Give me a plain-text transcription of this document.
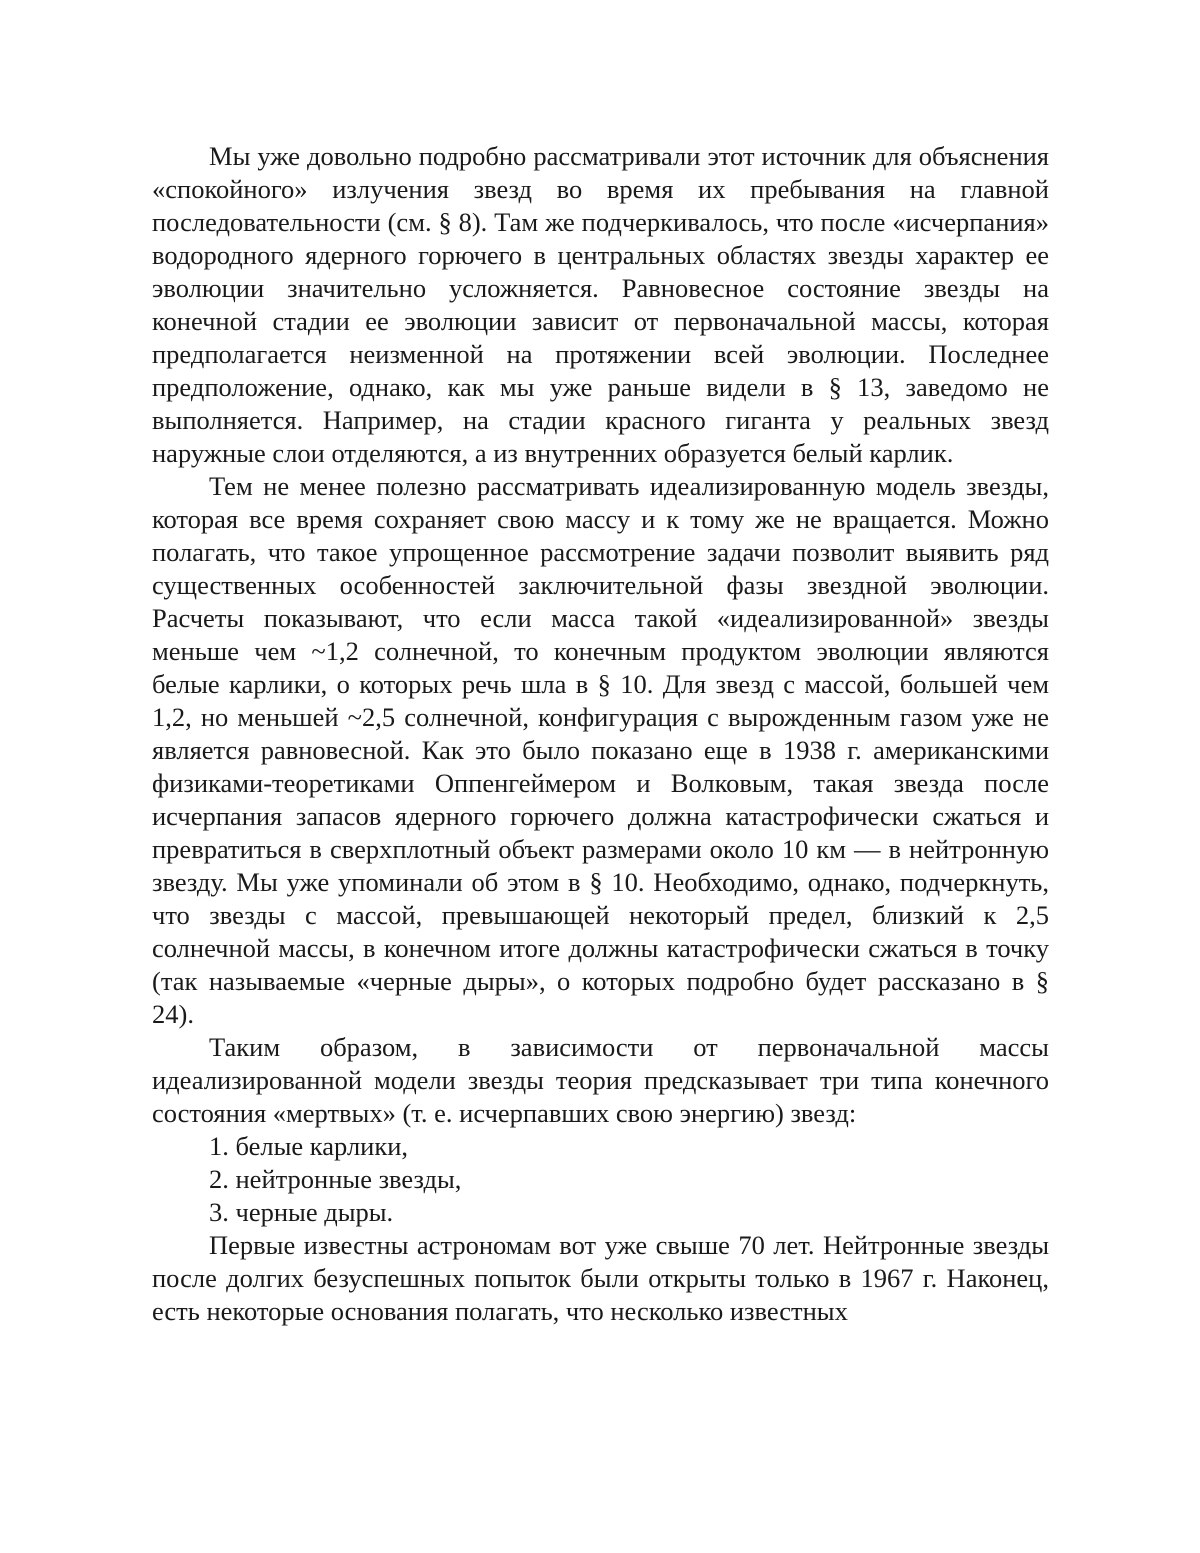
Мы уже довольно подробно рассматривали этот источник для объяснения «спокойного» излучения звезд во время их пребывания на главной последовательности (см. § 8). Там же подчеркивалось, что после «исчерпания» водородного ядерного горючего в центральных областях звезды характер ее эволюции значительно усложняется. Равновесное состояние звезды на конечной стадии ее эволюции зависит от первоначальной массы, которая предполагается неизменной на протяжении всей эволюции. Последнее предположение, однако, как мы уже раньше видели в § 13, заведомо не выполняется. Например, на стадии красного гиганта у реальных звезд наружные слои отделяются, а из внутренних образуется белый карлик.

Тем не менее полезно рассматривать идеализированную модель звезды, которая все время сохраняет свою массу и к тому же не вращается. Можно полагать, что такое упрощенное рассмотрение задачи позволит выявить ряд существенных особенностей заключительной фазы звездной эволюции. Расчеты показывают, что если масса такой «идеализированной» звезды меньше чем ~1,2 солнечной, то конечным продуктом эволюции являются белые карлики, о которых речь шла в § 10. Для звезд с массой, большей чем 1,2, но меньшей ~2,5 солнечной, конфигурация с вырожденным газом уже не является равновесной. Как это было показано еще в 1938 г. американскими физиками-теоретиками Оппенгеймером и Волковым, такая звезда после исчерпания запасов ядерного горючего должна катастрофически сжаться и превратиться в сверхплотный объект размерами около 10 км — в нейтронную звезду. Мы уже упоминали об этом в § 10. Необходимо, однако, подчеркнуть, что звезды с массой, превышающей некоторый предел, близкий к 2,5 солнечной массы, в конечном итоге должны катастрофически сжаться в точку (так называемые «черные дыры», о которых подробно будет рассказано в § 24).

Таким образом, в зависимости от первоначальной массы идеализированной модели звезды теория предсказывает три типа конечного состояния «мертвых» (т. е. исчерпавших свою энергию) звезд:

1. белые карлики,
2. нейтронные звезды,
3. черные дыры.

Первые известны астрономам вот уже свыше 70 лет. Нейтронные звезды после долгих безуспешных попыток были открыты только в 1967 г. Наконец, есть некоторые основания полагать, что несколько известных
